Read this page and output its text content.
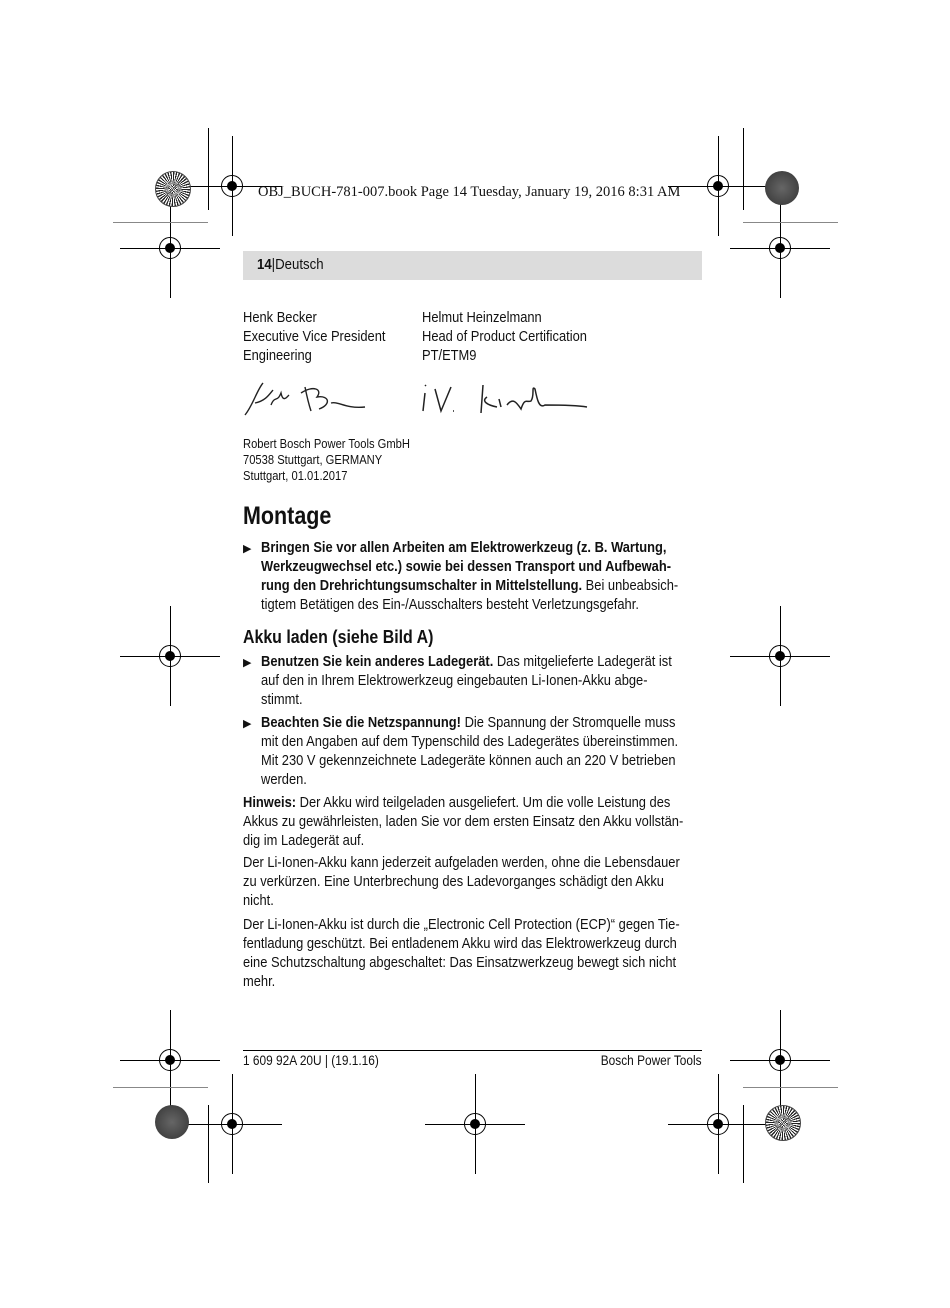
OBJ_BUCH-781-007.book Page 14 Tuesday, January 19, 2016 8:31 AM
14|Deutsch
Henk Becker
Executive Vice President
Engineering
Helmut Heinzelmann
Head of Product Certification
PT/ETM9
Robert Bosch Power Tools GmbH
70538 Stuttgart, GERMANY
Stuttgart, 01.01.2017
Montage
▶ Bringen Sie vor allen Arbeiten am Elektrowerkzeug (z. B. Wartung,
Werkzeugwechsel etc.) sowie bei dessen Transport und Aufbewah-
rung den Drehrichtungsumschalter in Mittelstellung. Bei unbeabsich-
tigtem Betätigen des Ein-/Ausschalters besteht Verletzungsgefahr.
Akku laden (siehe Bild A)
▶ Benutzen Sie kein anderes Ladegerät. Das mitgelieferte Ladegerät ist
auf den in Ihrem Elektrowerkzeug eingebauten Li-Ionen-Akku abge-
stimmt.
▶ Beachten Sie die Netzspannung! Die Spannung der Stromquelle muss
mit den Angaben auf dem Typenschild des Ladegerätes übereinstimmen.
Mit 230 V gekennzeichnete Ladegeräte können auch an 220 V betrieben
werden.
Hinweis: Der Akku wird teilgeladen ausgeliefert. Um die volle Leistung des
Akkus zu gewährleisten, laden Sie vor dem ersten Einsatz den Akku vollstän-
dig im Ladegerät auf.
Der Li-Ionen-Akku kann jederzeit aufgeladen werden, ohne die Lebensdauer
zu verkürzen. Eine Unterbrechung des Ladevorganges schädigt den Akku
nicht.
Der Li-Ionen-Akku ist durch die „Electronic Cell Protection (ECP)“ gegen Tie-
fentladung geschützt. Bei entladenem Akku wird das Elektrowerkzeug durch
eine Schutzschaltung abgeschaltet: Das Einsatzwerkzeug bewegt sich nicht
mehr.
1 609 92A 20U | (19.1.16)	Bosch Power Tools
